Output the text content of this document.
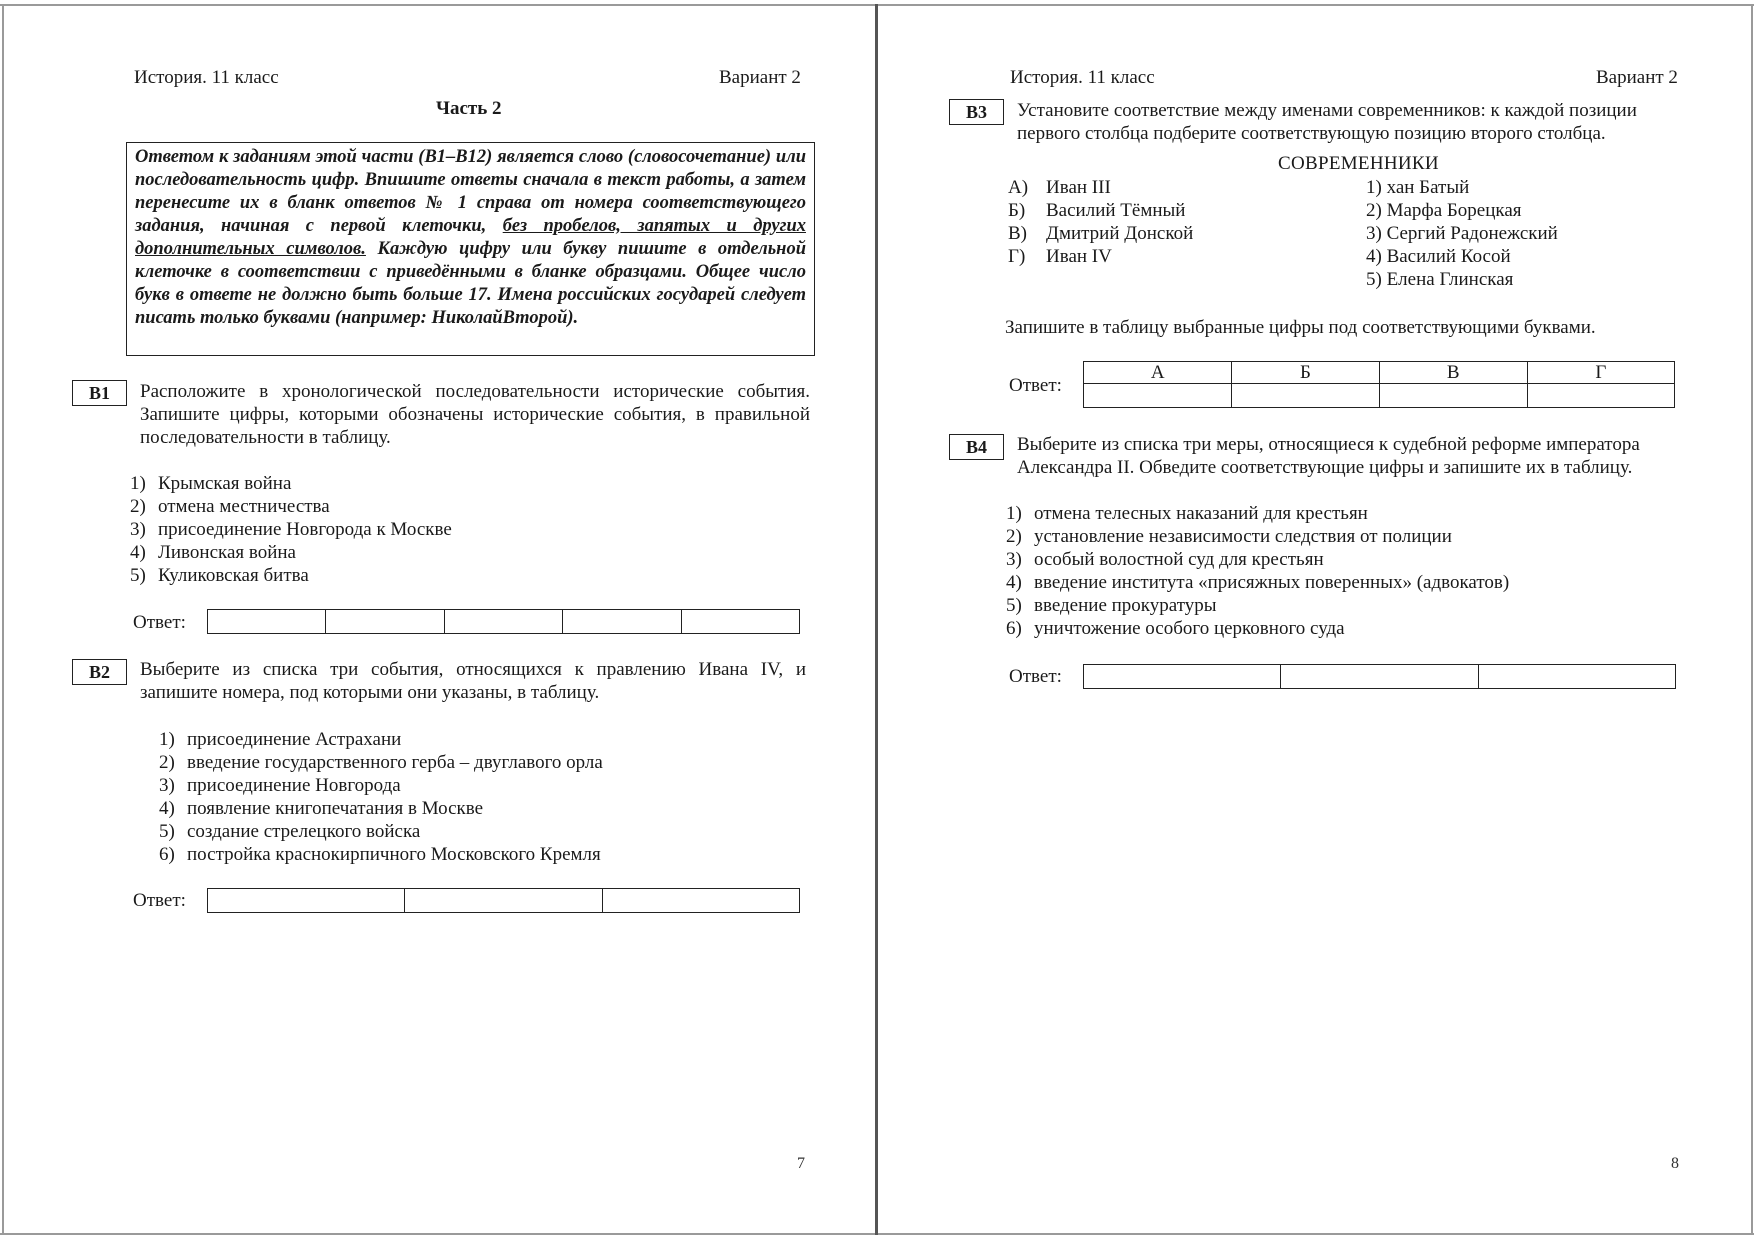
История. 11 класс	Вариант 2
Часть 2
Ответом к заданиям этой части (B1–B12) является слово (словосочетание) или последовательность цифр. Впишите ответы сначала в текст работы, а затем перенесите их в бланк ответов № 1 справа от номера соответствующего задания, начиная с первой клеточки, без пробелов, запятых и других дополнительных символов. Каждую цифру или букву пишите в отдельной клеточке в соответствии с приведёнными в бланке образцами. Общее число букв в ответе не должно быть больше 17. Имена российских государей следует писать только буквами (например: НиколайВторой).
B1	Расположите в хронологической последовательности исторические события. Запишите цифры, которыми обозначены исторические события, в правильной последовательности в таблицу.
1) Крымская война
2) отмена местничества
3) присоединение Новгорода к Москве
4) Ливонская война
5) Куликовская битва
Ответ:
B2	Выберите из списка три события, относящихся к правлению Ивана IV, и запишите номера, под которыми они указаны, в таблицу.
1) присоединение Астрахани
2) введение государственного герба – двуглавого орла
3) присоединение Новгорода
4) появление книгопечатания в Москве
5) создание стрелецкого войска
6) постройка краснокирпичного Московского Кремля
Ответ:
7
История. 11 класс	Вариант 2
B3	Установите соответствие между именами современников: к каждой позиции первого столбца подберите соответствующую позицию второго столбца.
СОВРЕМЕННИКИ
А) Иван III
Б) Василий Тёмный
В) Дмитрий Донской
Г) Иван IV
1) хан Батый
2) Марфа Борецкая
3) Сергий Радонежский
4) Василий Косой
5) Елена Глинская
Запишите в таблицу выбранные цифры под соответствующими буквами.
Ответ:
А	Б	В	Г

B4	Выберите из списка три меры, относящиеся к судебной реформе императора Александра II. Обведите соответствующие цифры и запишите их в таблицу.
1) отмена телесных наказаний для крестьян
2) установление независимости следствия от полиции
3) особый волостной суд для крестьян
4) введение института «присяжных поверенных» (адвокатов)
5) введение прокуратуры
6) уничтожение особого церковного суда
Ответ:
8
